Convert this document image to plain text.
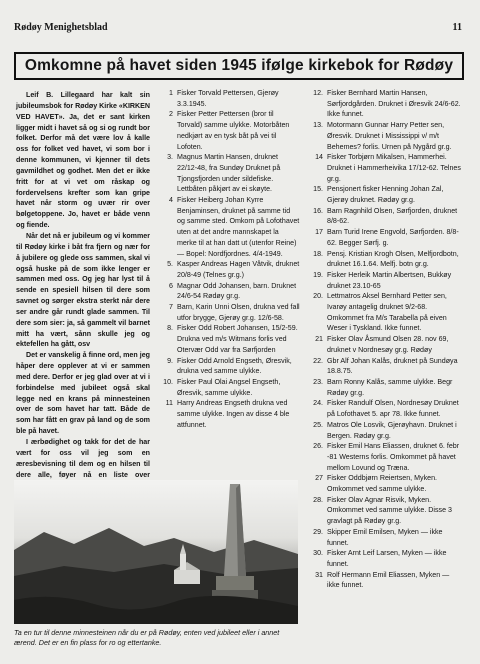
Rødøy Menighetsblad	11
Omkomne på havet siden 1945 ifølge kirkebok for Rødøy

Leif B. Lillegaard har kalt sin jubileumsbok for Rødøy Kirke «KIRKEN VED HAVET». Ja, det er sant kirken ligger midt i havet så og si og rundt bor folket. Derfor må det være lov å kalle oss for folket ved havet, vi som bor i denne kommunen, vi kjenner til dets gavmildhet og godhet. Men det er ikke fritt for at vi vet om råskap og fordervelsens krefter som kan gripe havet når storm og uvær rir over bølgetoppene. Jo, havet er både venn og fiende.

Når det nå er jubileum og vi kommer til Rødøy kirke i båt fra fjern og nær for å jubilere og glede oss sammen, skal vi også huske på de som ikke lenger er sammen med oss. Og jeg har lyst til å sende en spesiell hilsen til dere som savnet og sørger ekstra sterkt når dere ser andre går rundt glade sammen. Til dere som sier: ja, så gammelt vil barnet mitt ha vært, sånn skulle jeg og ektefellen ha gått, osv

Det er vanskelig å finne ord, men jeg håper dere opplever at vi er sammen med dere. Derfor er jeg glad over at vi i forbindelse med jubileet også skal legge ned en krans på minnesteinen over de som havet har tatt. Både de som har fått en grav på land og de som ble på havet.

I ærbødighet og takk for det de har vært for oss vil jeg som en æresbevisning til dem og en hilsen til dere alle, føyer nå en liste over

1 Fisker Torvald Pettersen, Gjerøy 3.3.1945.
2 Fisker Petter Pettersen (bror til Torvald) samme ulykke. Motorbåten nedkjørt av en tysk båt på vei til Lofoten.
3. Magnus Martin Hansen, druknet 22/12-48, fra Sundøy Druknet på Tjongsfjorden under sildefiske. Lettbåten påkjørt av ei skøyte.
4 Fisker Heiberg Johan Kyrre Benjaminsen, druknet på samme tid og samme sted. Omkom på Lofothavet uten at det andre mannskapet la merke til at han datt ut (utenfor Reine) — Bopel: Nordfjordnes. 4/4-1949.
5. Kasper Andreas Hagen Våtvik, druknet 20/8-49 (Telnes gr.g.)
6 Magnar Odd Johansen, barn. Druknet 24/6-54 Rødøy gr.g.
7 Barn, Karin Unni Olsen, drukna ved fall utfor brygge, Gjerøy gr.g. 12/6-58.
8. Fisker Odd Robert Johansen, 15/2-59. Drukna ved m/s Witmans forlis ved Otervær Odd var fra Sørfjorden
9. Fisker Odd Arnold Engseth, Øresvik, drukna ved samme ulykke.
10. Fisker Paul Olai Angsel Engseth, Øresvik, samme ulykke.
11 Harry Andreas Engseth drukna ved samme ulykke. Ingen av disse 4 ble attfunnet.
12. Fisker Bernhard Martin Hansen, Sørfjordgården. Druknet i Øresvik 24/6-62. Ikke funnet.
13. Motormann Gunnar Harry Petter sen, Øresvik. Druknet i Mississippi v/ m/t Behemes? forlis. Urnen på Nygård gr.g.
14 Fisker Torbjørn Mikalsen, Hammerhei. Druknet i Hammerheivika 17/12-62. Telnes gr.g.
15. Pensjonert fisker Henning Johan Zal, Gjerøy druknet. Rødøy gr.g.
16. Barn Ragnhild Olsen, Sørfjorden, druknet 8/8-62.
17 Barn Turid Irene Engvold, Sørfjorden. 8/8-62. Begger Sørfj. g.
18. Pensj. Kristian Krogh Olsen, Melfjordbotn, druknet 16.1.64. Melfj. botn gr.g.
19. Fisker Herleik Martin Albertsen, Bukkøy druknet 23.10-65
20. Lettmatros Aksel Bernhard Petter sen, Ivarøy antagelig druknet 9/2-68. Omkommet fra M/s Tarabella på eiven Weser i Tyskland. Ikke funnet.
21 Fisker Olav Åsmund Olsen 28. nov 69, druknet v Nordnesøy gr.g. Rødøy
22. Gbr Alf Johan Kalås, druknet på Sundøya 18.8.75.
23. Barn Ronny Kalås, samme ulykke. Begr Rødøy gr.g.
24. Fisker Randulf Olsen, Nordnesøy Druknet på Lofothavet 5. apr 78. Ikke funnet.
25. Matros Ole Losvik, Gjerøyhavn. Druknet i Bergen. Rødøy gr.g.
26. Fisker Emil Hans Eliassen, druknet 6. febr -81 Westerns forlis. Omkommet på havet mellom Lovund og Træna.
27 Fisker Oddbjørn Reiertsen, Myken. Omkommet ved samme ulykke.
28. Fisker Olav Agnar Risvik, Myken. Omkommet ved samme ulykke. Disse 3 gravlagt på Rødøy gr.g.
29. Skipper Emil Emilsen, Myken — ikke funnet.
30. Fisker Arnt Leif Larsen, Myken — ikke funnet.
31 Rolf Hermann Emil Eliassen, Myken — ikke funnet.
Ta en tur til denne minnesteinen når du er på Rødøy, enten ved jubileet eller i annet ærend. Det er en fin plass for ro og ettertanke.
